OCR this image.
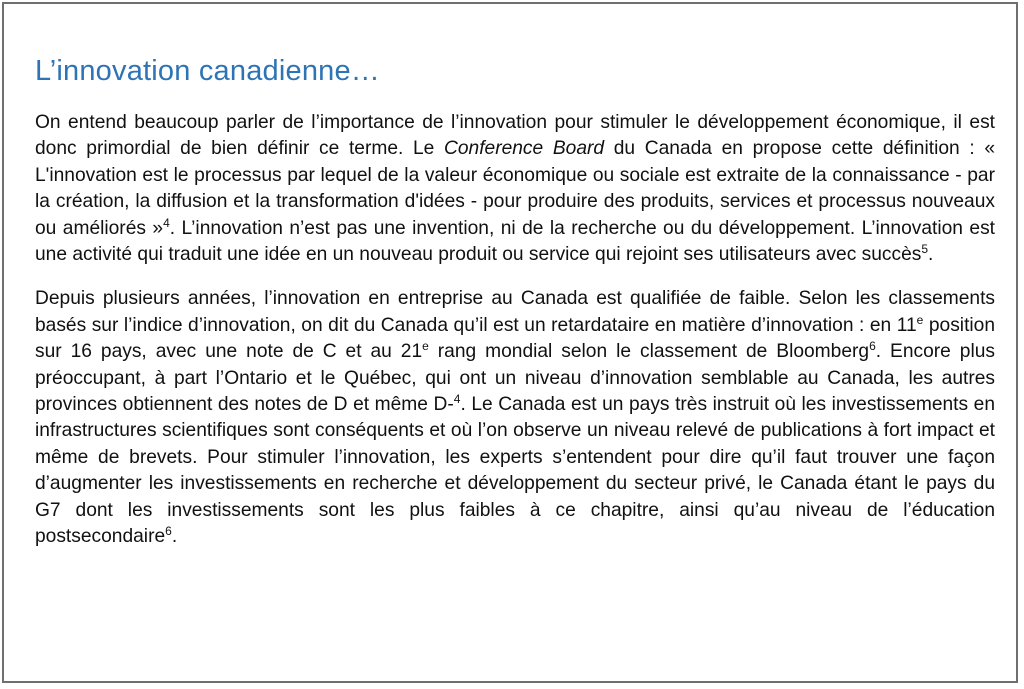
L’innovation canadienne…

On entend beaucoup parler de l’importance de l’innovation pour stimuler le développement économique, il est donc primordial de bien définir ce terme. Le Conference Board du Canada en propose cette définition : « L'innovation est le processus par lequel de la valeur économique ou sociale est extraite de la connaissance - par la création, la diffusion et la transformation d'idées - pour produire des produits, services et processus nouveaux ou améliorés »$^4$. L’innovation n’est pas une invention, ni de la recherche ou du développement. L’innovation est une activité qui traduit une idée en un nouveau produit ou service qui rejoint ses utilisateurs avec succès$^5$.

Depuis plusieurs années, l’innovation en entreprise au Canada est qualifiée de faible. Selon les classements basés sur l’indice d’innovation, on dit du Canada qu’il est un retardataire en matière d’innovation : en 11e position sur 16 pays, avec une note de C et au 21e rang mondial selon le classement de Bloomberg$^6$. Encore plus préoccupant, à part l’Ontario et le Québec, qui ont un niveau d’innovation semblable au Canada, les autres provinces obtiennent des notes de D et même D-$^4$. Le Canada est un pays très instruit où les investissements en infrastructures scientifiques sont conséquents et où l’on observe un niveau relevé de publications à fort impact et même de brevets. Pour stimuler l’innovation, les experts s’entendent pour dire qu’il faut trouver une façon d’augmenter les investissements en recherche et développement du secteur privé, le Canada étant le pays du G7 dont les investissements sont les plus faibles à ce chapitre, ainsi qu’au niveau de l’éducation postsecondaire$^6$.
